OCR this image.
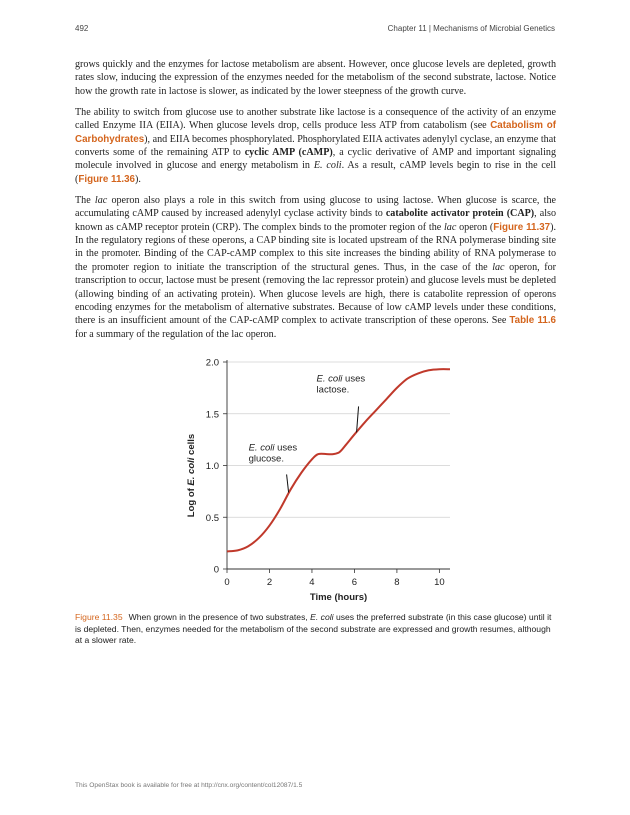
492	Chapter 11 | Mechanisms of Microbial Genetics

grows quickly and the enzymes for lactose metabolism are absent. However, once glucose levels are depleted, growth rates slow, inducing the expression of the enzymes needed for the metabolism of the second substrate, lactose. Notice how the growth rate in lactose is slower, as indicated by the lower steepness of the growth curve.

The ability to switch from glucose use to another substrate like lactose is a consequence of the activity of an enzyme called Enzyme IIA (EIIA). When glucose levels drop, cells produce less ATP from catabolism (see Catabolism of Carbohydrates), and EIIA becomes phosphorylated. Phosphorylated EIIA activates adenylyl cyclase, an enzyme that converts some of the remaining ATP to cyclic AMP (cAMP), a cyclic derivative of AMP and important signaling molecule involved in glucose and energy metabolism in E. coli. As a result, cAMP levels begin to rise in the cell (Figure 11.36).

The lac operon also plays a role in this switch from using glucose to using lactose. When glucose is scarce, the accumulating cAMP caused by increased adenylyl cyclase activity binds to catabolite activator protein (CAP), also known as cAMP receptor protein (CRP). The complex binds to the promoter region of the lac operon (Figure 11.37). In the regulatory regions of these operons, a CAP binding site is located upstream of the RNA polymerase binding site in the promoter. Binding of the CAP-cAMP complex to this site increases the binding ability of RNA polymerase to the promoter region to initiate the transcription of the structural genes. Thus, in the case of the lac operon, for transcription to occur, lactose must be present (removing the lac repressor protein) and glucose levels must be depleted (allowing binding of an activating protein). When glucose levels are high, there is catabolite repression of operons encoding enzymes for the metabolism of alternative substrates. Because of low cAMP levels under these conditions, there is an insufficient amount of the CAP-cAMP complex to activate transcription of these operons. See Table 11.6 for a summary of the regulation of the lac operon.

0
0.5
1.0
1.5
2.0
0	2	4	6	8	10
E. coli uses glucose.
E. coli uses lactose.
Time (hours)
Log of E. coli cells
Figure 11.35 When grown in the presence of two substrates, E. coli uses the preferred substrate (in this case glucose) until it is depleted. Then, enzymes needed for the metabolism of the second substrate are expressed and growth resumes, although at a slower rate.
This OpenStax book is available for free at http://cnx.org/content/col12087/1.5
